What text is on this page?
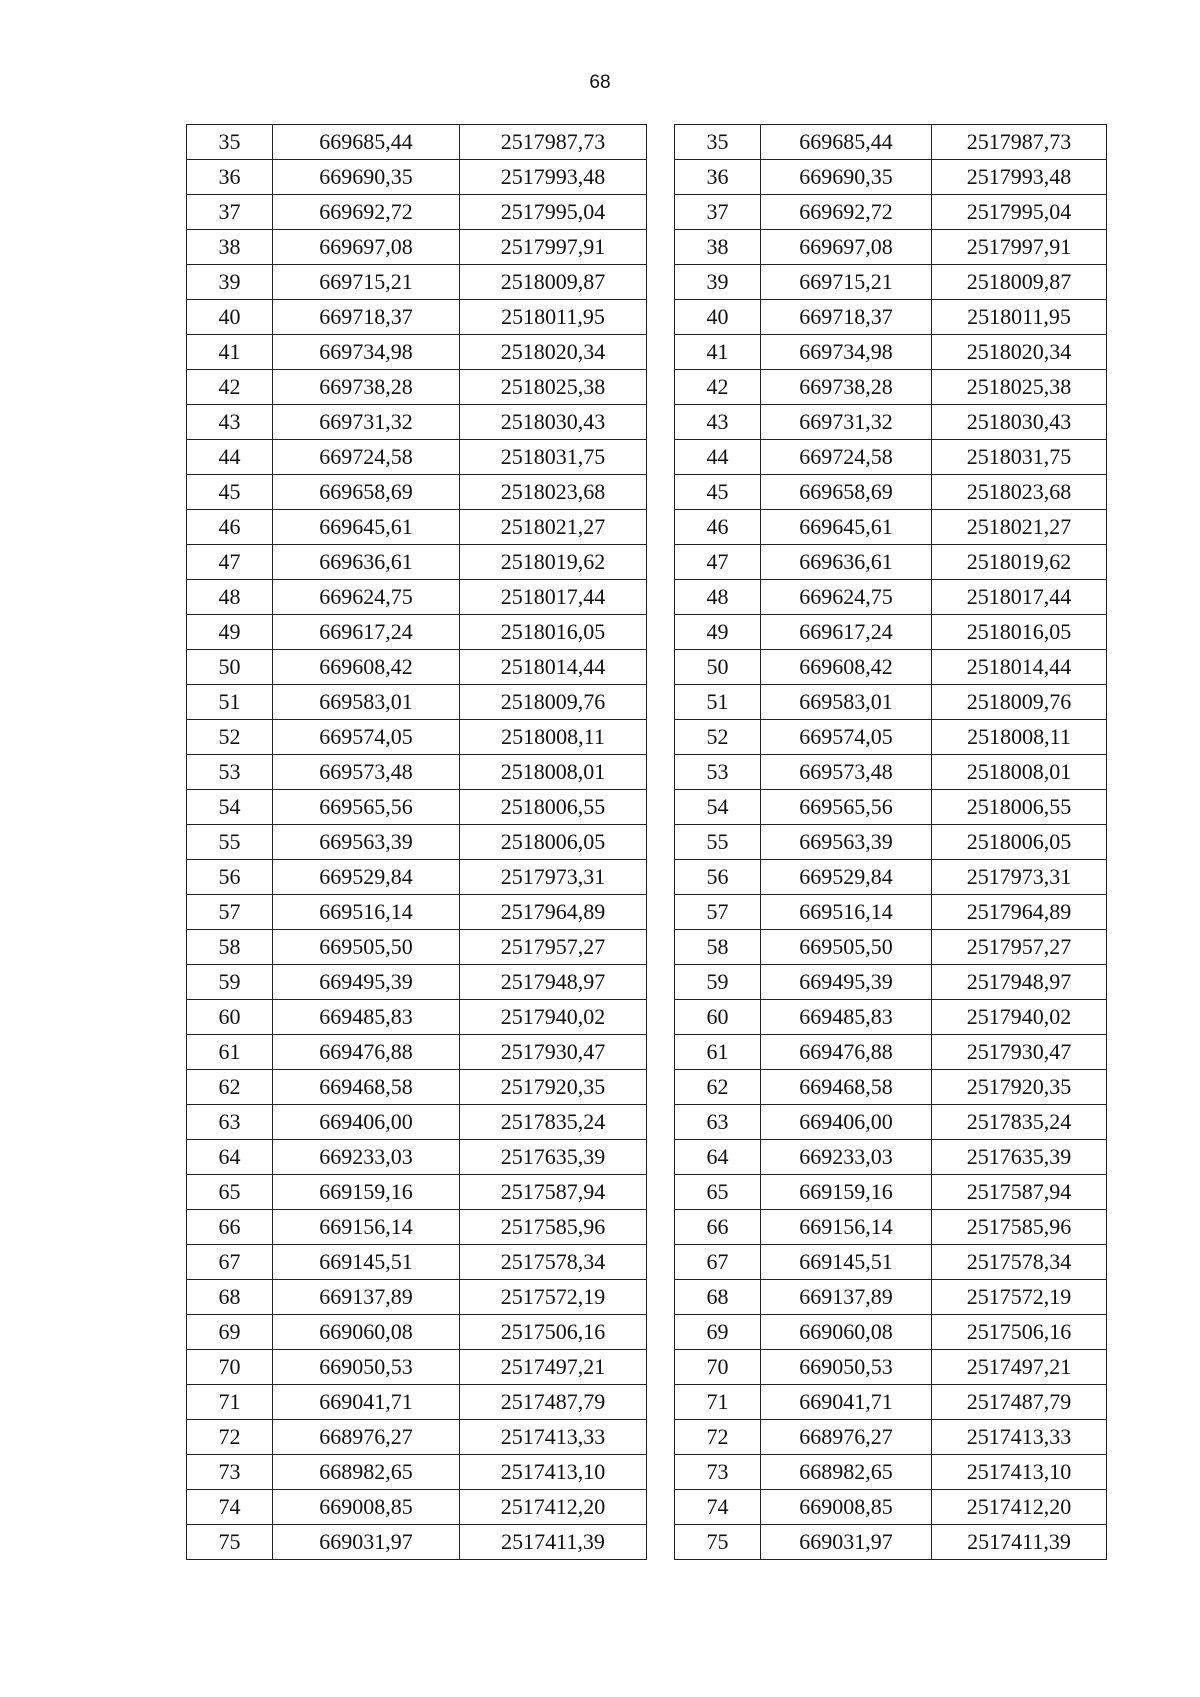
68
35	669685,44	2517987,73
36	669690,35	2517993,48
37	669692,72	2517995,04
38	669697,08	2517997,91
39	669715,21	2518009,87
40	669718,37	2518011,95
41	669734,98	2518020,34
42	669738,28	2518025,38
43	669731,32	2518030,43
44	669724,58	2518031,75
45	669658,69	2518023,68
46	669645,61	2518021,27
47	669636,61	2518019,62
48	669624,75	2518017,44
49	669617,24	2518016,05
50	669608,42	2518014,44
51	669583,01	2518009,76
52	669574,05	2518008,11
53	669573,48	2518008,01
54	669565,56	2518006,55
55	669563,39	2518006,05
56	669529,84	2517973,31
57	669516,14	2517964,89
58	669505,50	2517957,27
59	669495,39	2517948,97
60	669485,83	2517940,02
61	669476,88	2517930,47
62	669468,58	2517920,35
63	669406,00	2517835,24
64	669233,03	2517635,39
65	669159,16	2517587,94
66	669156,14	2517585,96
67	669145,51	2517578,34
68	669137,89	2517572,19
69	669060,08	2517506,16
70	669050,53	2517497,21
71	669041,71	2517487,79
72	668976,27	2517413,33
73	668982,65	2517413,10
74	669008,85	2517412,20
75	669031,97	2517411,39
35	669685,44	2517987,73
36	669690,35	2517993,48
37	669692,72	2517995,04
38	669697,08	2517997,91
39	669715,21	2518009,87
40	669718,37	2518011,95
41	669734,98	2518020,34
42	669738,28	2518025,38
43	669731,32	2518030,43
44	669724,58	2518031,75
45	669658,69	2518023,68
46	669645,61	2518021,27
47	669636,61	2518019,62
48	669624,75	2518017,44
49	669617,24	2518016,05
50	669608,42	2518014,44
51	669583,01	2518009,76
52	669574,05	2518008,11
53	669573,48	2518008,01
54	669565,56	2518006,55
55	669563,39	2518006,05
56	669529,84	2517973,31
57	669516,14	2517964,89
58	669505,50	2517957,27
59	669495,39	2517948,97
60	669485,83	2517940,02
61	669476,88	2517930,47
62	669468,58	2517920,35
63	669406,00	2517835,24
64	669233,03	2517635,39
65	669159,16	2517587,94
66	669156,14	2517585,96
67	669145,51	2517578,34
68	669137,89	2517572,19
69	669060,08	2517506,16
70	669050,53	2517497,21
71	669041,71	2517487,79
72	668976,27	2517413,33
73	668982,65	2517413,10
74	669008,85	2517412,20
75	669031,97	2517411,39
